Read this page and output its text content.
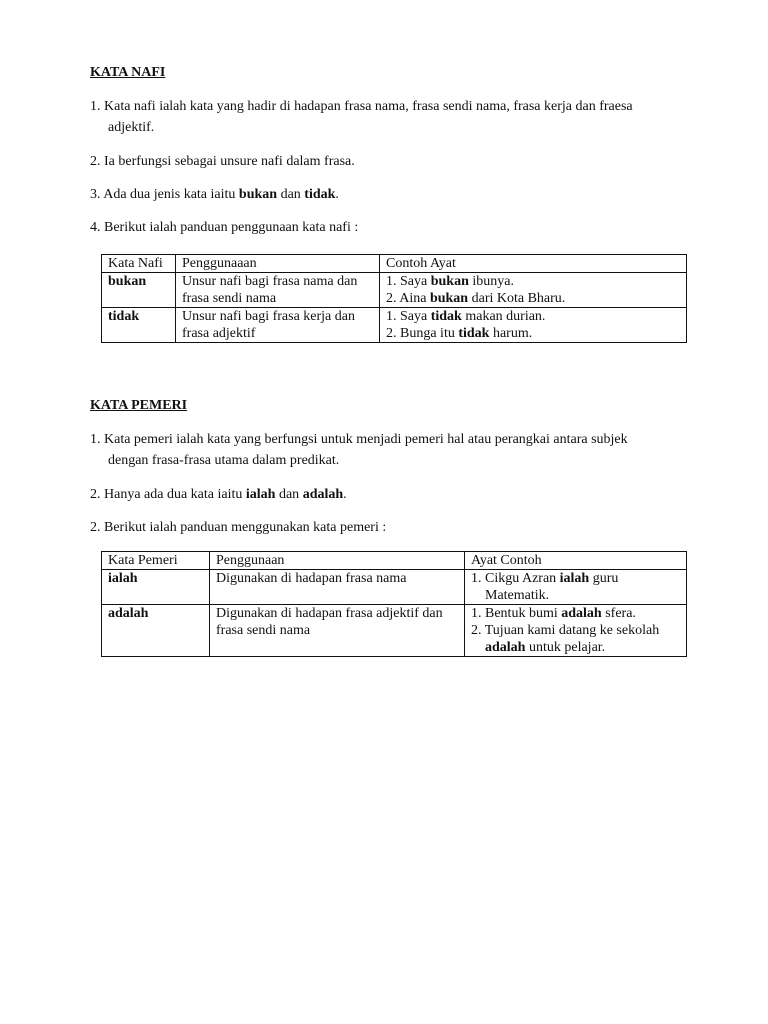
KATA NAFI

1. Kata nafi ialah kata yang hadir di hadapan frasa nama, frasa sendi nama, frasa kerja dan fraesa
adjektif.

2. Ia berfungsi sebagai unsure nafi dalam frasa.

3. Ada dua jenis kata iaitu bukan dan tidak.

4. Berikut ialah panduan penggunaan kata nafi :

Kata Nafi	Penggunaaan	Contoh Ayat
bukan	Unsur nafi bagi frasa nama dan frasa sendi nama	1. Saya bukan ibunya.
2. Aina bukan dari Kota Bharu.

tidak	Unsur nafi bagi frasa kerja dan frasa adjektif	1. Saya tidak makan durian.
2. Bunga itu tidak harum.
KATA PEMERI

1. Kata pemeri ialah kata yang berfungsi untuk menjadi pemeri hal atau perangkai antara subjek
dengan frasa-frasa utama dalam predikat.

2. Hanya ada dua kata iaitu ialah dan adalah.

2. Berikut ialah panduan menggunakan kata pemeri :

Kata Pemeri	Penggunaan	Ayat Contoh
ialah	Digunakan di hadapan frasa nama	1. Cikgu Azran ialah guru
Matematik.

adalah	Digunakan di hadapan frasa adjektif dan frasa sendi nama	1. Bentuk bumi adalah sfera.
2. Tujuan kami datang ke sekolah
adalah untuk pelajar.
